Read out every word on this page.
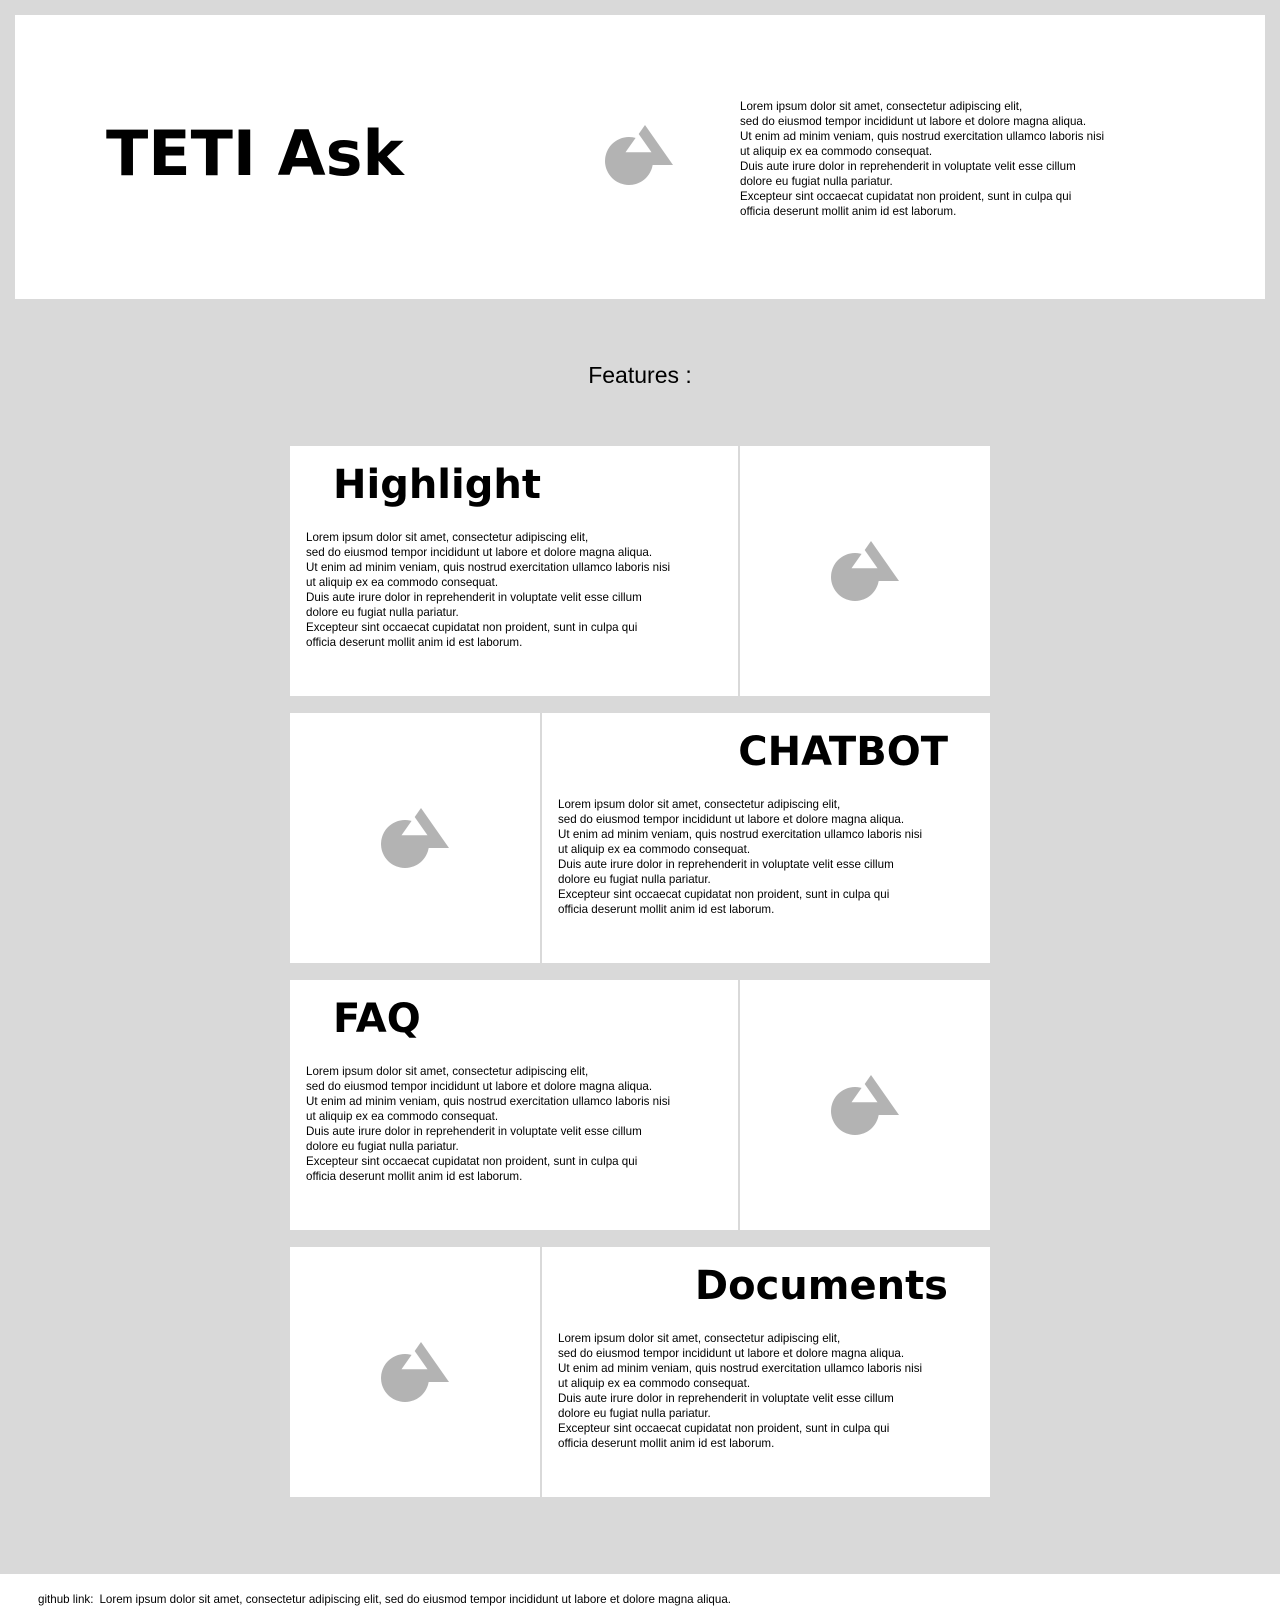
TETI Ask

Lorem ipsum dolor sit amet, consectetur adipiscing elit,
sed do eiusmod tempor incididunt ut labore et dolore magna aliqua.
Ut enim ad minim veniam, quis nostrud exercitation ullamco laboris nisi
ut aliquip ex ea commodo consequat.
Duis aute irure dolor in reprehenderit in voluptate velit esse cillum
dolore eu fugiat nulla pariatur.
Excepteur sint occaecat cupidatat non proident, sunt in culpa qui
officia deserunt mollit anim id est laborum.

Features :
Highlight

Lorem ipsum dolor sit amet, consectetur adipiscing elit,
sed do eiusmod tempor incididunt ut labore et dolore magna aliqua.
Ut enim ad minim veniam, quis nostrud exercitation ullamco laboris nisi
ut aliquip ex ea commodo consequat.
Duis aute irure dolor in reprehenderit in voluptate velit esse cillum
dolore eu fugiat nulla pariatur.
Excepteur sint occaecat cupidatat non proident, sunt in culpa qui
officia deserunt mollit anim id est laborum.

CHATBOT

Lorem ipsum dolor sit amet, consectetur adipiscing elit,
sed do eiusmod tempor incididunt ut labore et dolore magna aliqua.
Ut enim ad minim veniam, quis nostrud exercitation ullamco laboris nisi
ut aliquip ex ea commodo consequat.
Duis aute irure dolor in reprehenderit in voluptate velit esse cillum
dolore eu fugiat nulla pariatur.
Excepteur sint occaecat cupidatat non proident, sunt in culpa qui
officia deserunt mollit anim id est laborum.

FAQ

Lorem ipsum dolor sit amet, consectetur adipiscing elit,
sed do eiusmod tempor incididunt ut labore et dolore magna aliqua.
Ut enim ad minim veniam, quis nostrud exercitation ullamco laboris nisi
ut aliquip ex ea commodo consequat.
Duis aute irure dolor in reprehenderit in voluptate velit esse cillum
dolore eu fugiat nulla pariatur.
Excepteur sint occaecat cupidatat non proident, sunt in culpa qui
officia deserunt mollit anim id est laborum.

Documents

Lorem ipsum dolor sit amet, consectetur adipiscing elit,
sed do eiusmod tempor incididunt ut labore et dolore magna aliqua.
Ut enim ad minim veniam, quis nostrud exercitation ullamco laboris nisi
ut aliquip ex ea commodo consequat.
Duis aute irure dolor in reprehenderit in voluptate velit esse cillum
dolore eu fugiat nulla pariatur.
Excepteur sint occaecat cupidatat non proident, sunt in culpa qui
officia deserunt mollit anim id est laborum.

github link: Lorem ipsum dolor sit amet, consectetur adipiscing elit, sed do eiusmod tempor incididunt ut labore et dolore magna aliqua.
